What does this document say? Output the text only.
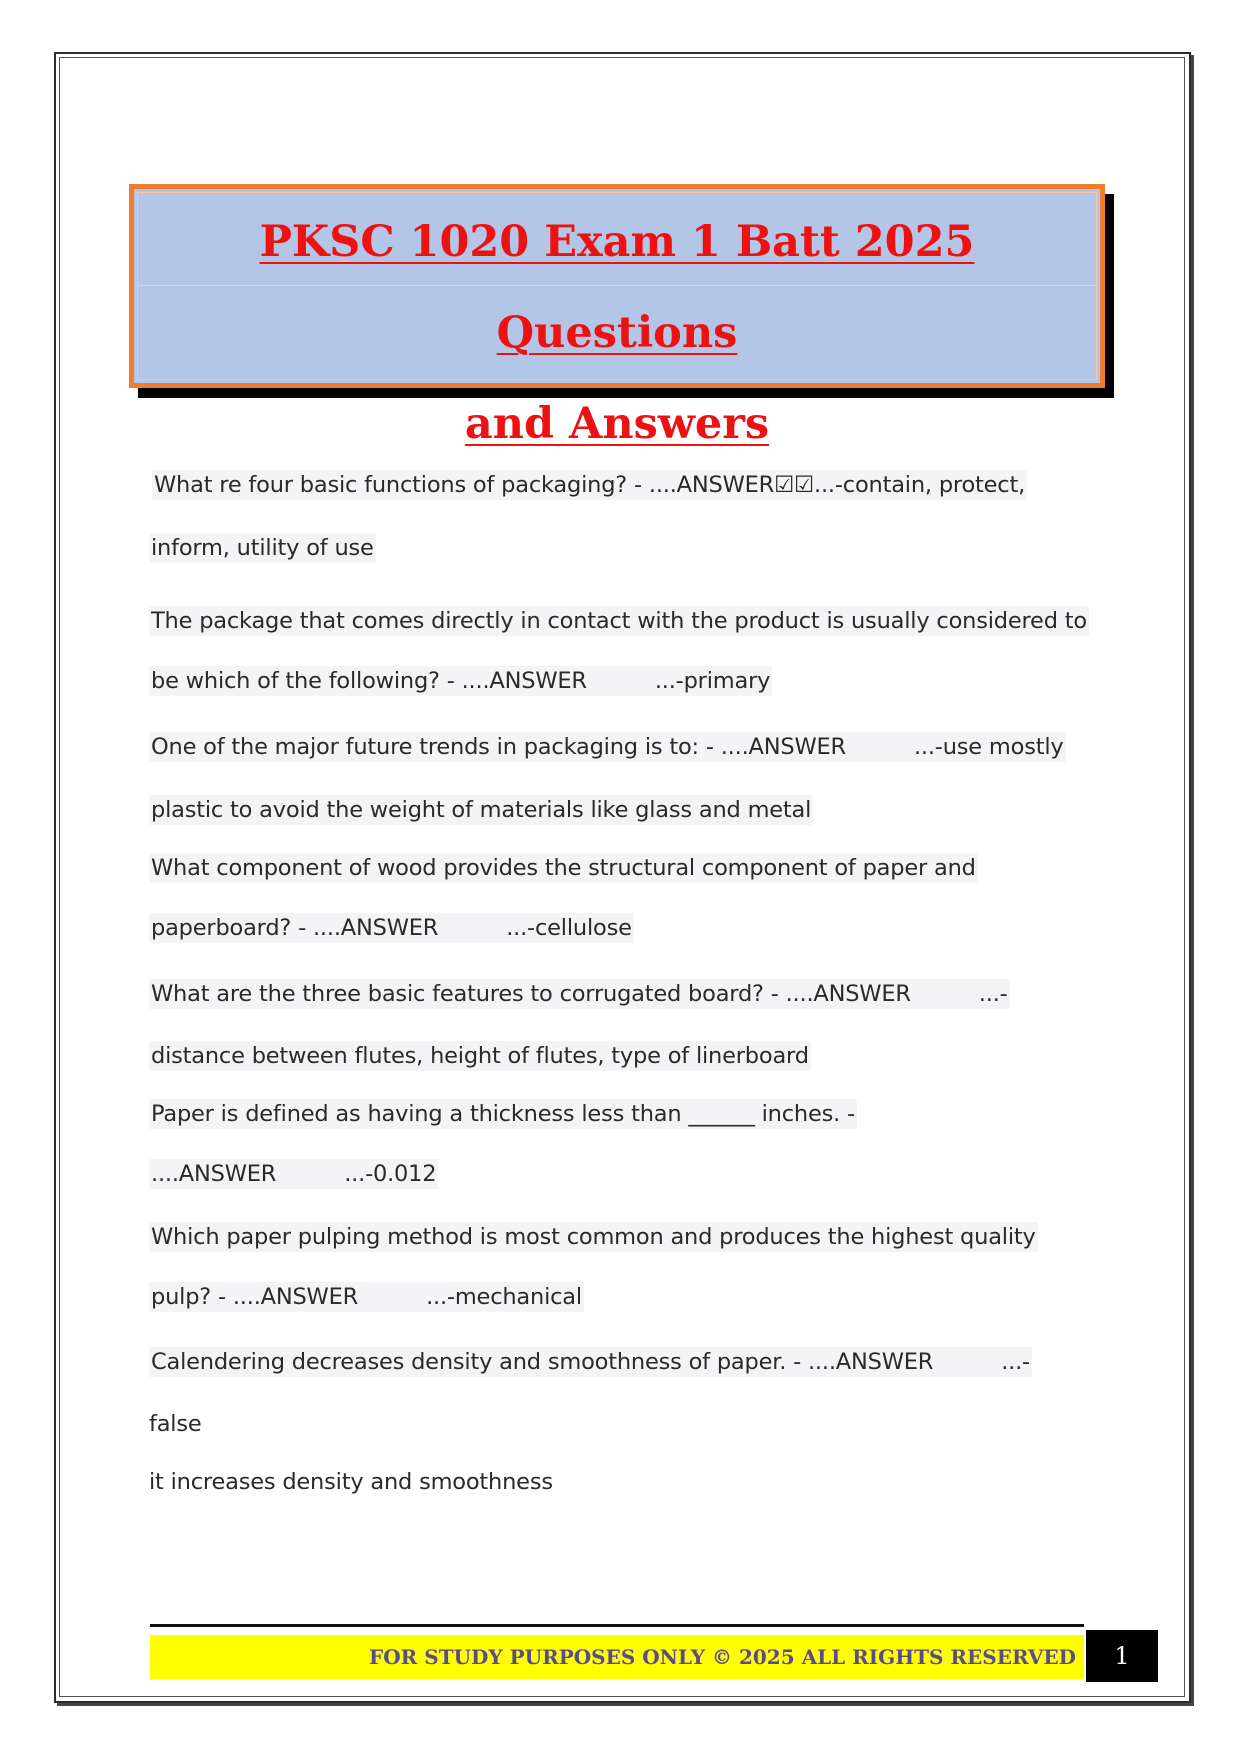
PKSC 1020 Exam 1 Batt 2025 Questions
and Answers
What re four basic functions of packaging? - ....ANSWER☑☑...-contain, protect,
inform, utility of use
The package that comes directly in contact with the product is usually considered to
be which of the following? - ....ANSWER	...-primary
One of the major future trends in packaging is to: - ....ANSWER	...-use mostly
plastic to avoid the weight of materials like glass and metal
What component of wood provides the structural component of paper and
paperboard? - ....ANSWER	...-cellulose
What are the three basic features to corrugated board? - ....ANSWER	...-
distance between flutes, height of flutes, type of linerboard
Paper is defined as having a thickness less than ______ inches. -
....ANSWER	...-0.012
Which paper pulping method is most common and produces the highest quality
pulp? - ....ANSWER	...-mechanical
Calendering decreases density and smoothness of paper. - ....ANSWER	...-
false
it increases density and smoothness
FOR STUDY PURPOSES ONLY © 2025 ALL RIGHTS RESERVED	1
